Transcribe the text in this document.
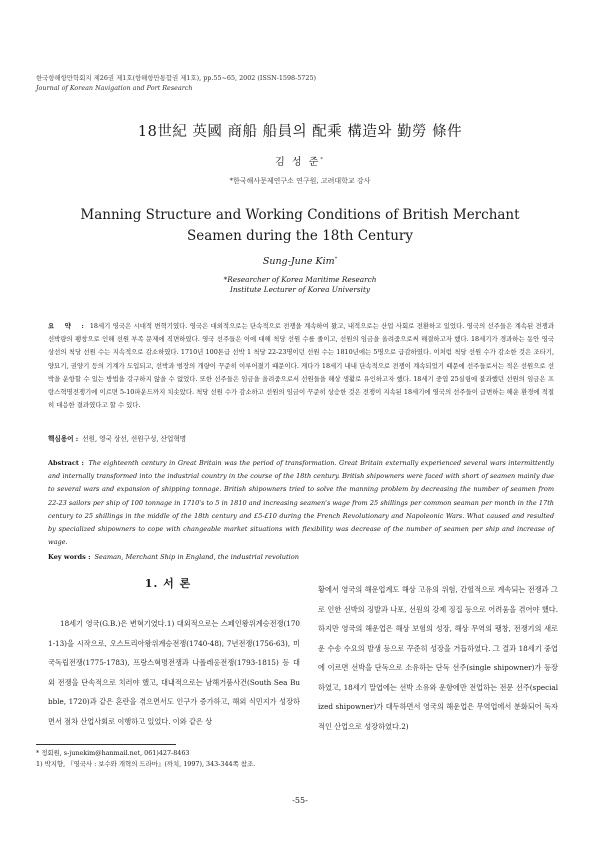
한국항해항만학회지 제26권 제1호(항해항만통합권 제1호), pp.55~65, 2002 (ISSN-1598-5725)
Journal of Korean Navigation and Port Research
18世紀 英國 商船 船員의 配乘 構造와 勤勞 條件
김 성 준*
*한국해사문제연구소 연구원, 고려대학교 강사
Manning Structure and Working Conditions of British Merchant
Seamen during the 18th Century
Sung-June Kim*
*Researcher of Korea Maritime Research
Institute Lecturer of Korea University
요 약 : 18세기 영국은 시대적 변혁기였다. 영국은 대외적으로는 단속적으로 전쟁을 계속하여 왔고, 내적으로는 산업 사회로 전환하고 있었다. 영국의 선주들은 계속된 전쟁과 선박량의 팽창으로 인해 선원 부족 문제에 직면하였다. 영국 선주들은 이에 대해 척당 선원 수를 줄이고, 선원의 임금을 올려줌으로써 해결하고자 했다. 18세기가 경과하는 동안 영국 상선의 척당 선원 수는 지속적으로 감소하였다. 1710년 100톤급 선박 1 척당 22-23명이던 선원 수는 1810년에는 5명으로 급감하였다. 이처럼 척당 선원 수가 감소한 것은 조타기, 양묘기, 권양기 등의 기계가 도입되고, 선박과 범장의 개량이 꾸준히 이루어졌기 때문이다. 게다가 18세기 내내 단속적으로 전쟁이 계속되었기 때문에 선주들로서는 적은 선원으로 선박을 운항할 수 있는 방법을 강구하지 않을 수 없었다. 또한 선주들은 임금을 올려줌으로서 선원들을 해상 생활로 유인하고자 했다. 18세기 중엽 25실링에 불과했던 선원의 임금은 프랑스혁명전쟁기에 이르면 5-10파운드까지 치솟았다. 척당 선원 수가 감소하고 선원의 임금이 꾸준히 상승한 것은 전쟁이 지속된 18세기에 영국의 선주들이 급변하는 해운 환경에 적절히 대응한 결과였다고 할 수 있다.
핵심용어 : 선원, 영국 상선, 선원구성, 산업혁명
Abstract : The eighteenth century in Great Britain was the period of transformation. Great Britain externally experienced several wars intermittently and internally transformed into the industrial country in the course of the 18th century. British shipowners were faced with short of seamen mainly due to several wars and expansion of shipping tonnage. British shipowners tried to solve the manning problem by decreasing the number of seamen from 22-23 sailors per ship of 100 tonnage in 1710's to 5 in 1810 and increasing seamen's wage from 25 shillings per common seaman per month in the 17th century to 25 shillings in the middle of the 18th century and £5-£10 during the French Revolutionary and Napoleonic Wars. What caused and resulted by specialized shipowners to cope with changeable market situations with flexibility was decrease of the number of seamen per ship and increase of wage.
Key words : Seaman, Merchant Ship in England, the industrial revolution
1. 서 론

18세기 영국(G.B.)은 변혁기였다.1) 대외적으로는 스페인왕위계승전쟁(1701-13)을 시작으로, 오스트리아왕위계승전쟁(1740-48), 7년전쟁(1756-63), 미국독립전쟁(1775-1783), 프랑스혁명전쟁과 나폴레옹전쟁(1793-1815) 등 대외 전쟁을 단속적으로 치러야 했고, 대내적으로는 남해거품사건(South Sea Bubble, 1720)과 같은 혼란을 겪으면서도 인구가 증가하고, 해외 식민지가 성장하면서 점차 산업사회로 이행하고 있었다. 이와 같은 상

황에서 영국의 해운업계도 해상 고유의 위험, 간헐적으로 계속되는 전쟁과 그로 인한 선박의 징발과 나포, 선원의 강제 징집 등으로 어려움을 겪어야 했다. 하지만 영국의 해운업은 해상 보험의 성장, 해상 무역의 팽창, 전쟁기의 새로운 수송 수요의 발생 등으로 꾸준히 성장을 거듭하였다. 그 결과 18세기 중엽에 이르면 선박을 단독으로 소유하는 단독 선주(single shipowner)가 등장하였고, 18세기 말엽에는 선박 소유와 운항에만 전업하는 전문 선주(specialized shipowner)가 대두하면서 영국의 해운업은 무역업에서 분화되어 독자적인 산업으로 성장하였다.2)

* 정회원, s-junekim@hanmail.net, 061)427-8463
1) 박지향, 『영국사 : 보수와 개혁의 드라마』(까치, 1997), 343-344쪽 참조.
-55-
